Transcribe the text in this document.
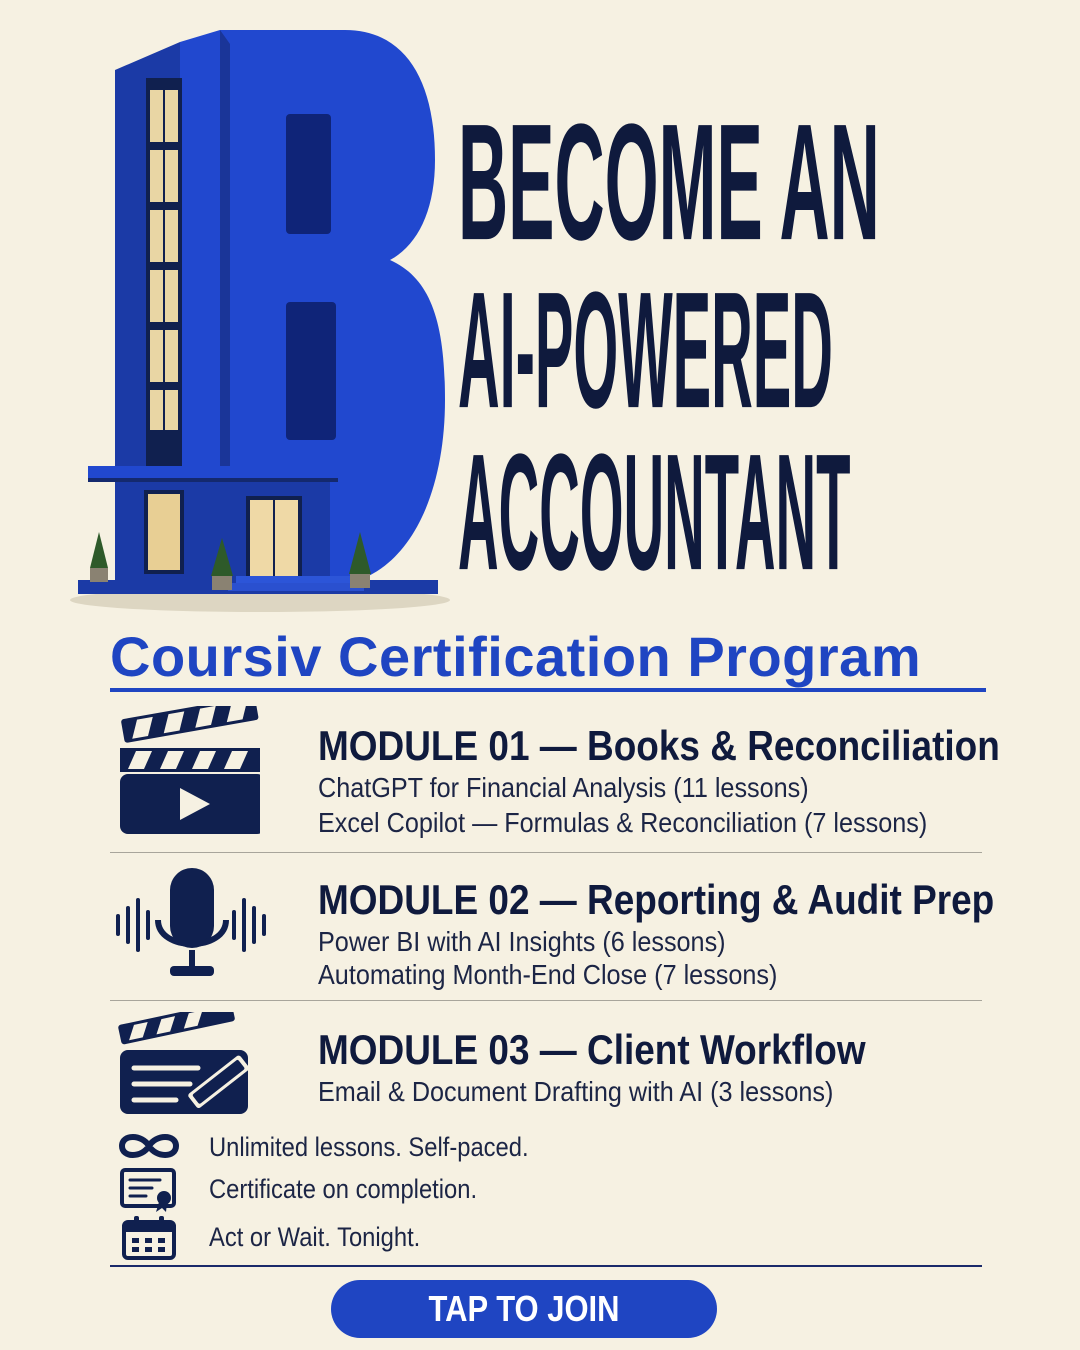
BECOME AN
AI-POWERED
ACCOUNTANT
Coursiv Certification Program
MODULE 01 — Books & Reconciliation
ChatGPT for Financial Analysis (11 lessons)
Excel Copilot — Formulas & Reconciliation (7 lessons)
MODULE 02 — Reporting & Audit Prep
Power BI with AI Insights (6 lessons)
Automating Month-End Close (7 lessons)
MODULE 03 — Client Workflow
Email & Document Drafting with AI (3 lessons)
Unlimited lessons. Self-paced.
Certificate on completion.
Act or Wait. Tonight.
TAP TO JOIN
